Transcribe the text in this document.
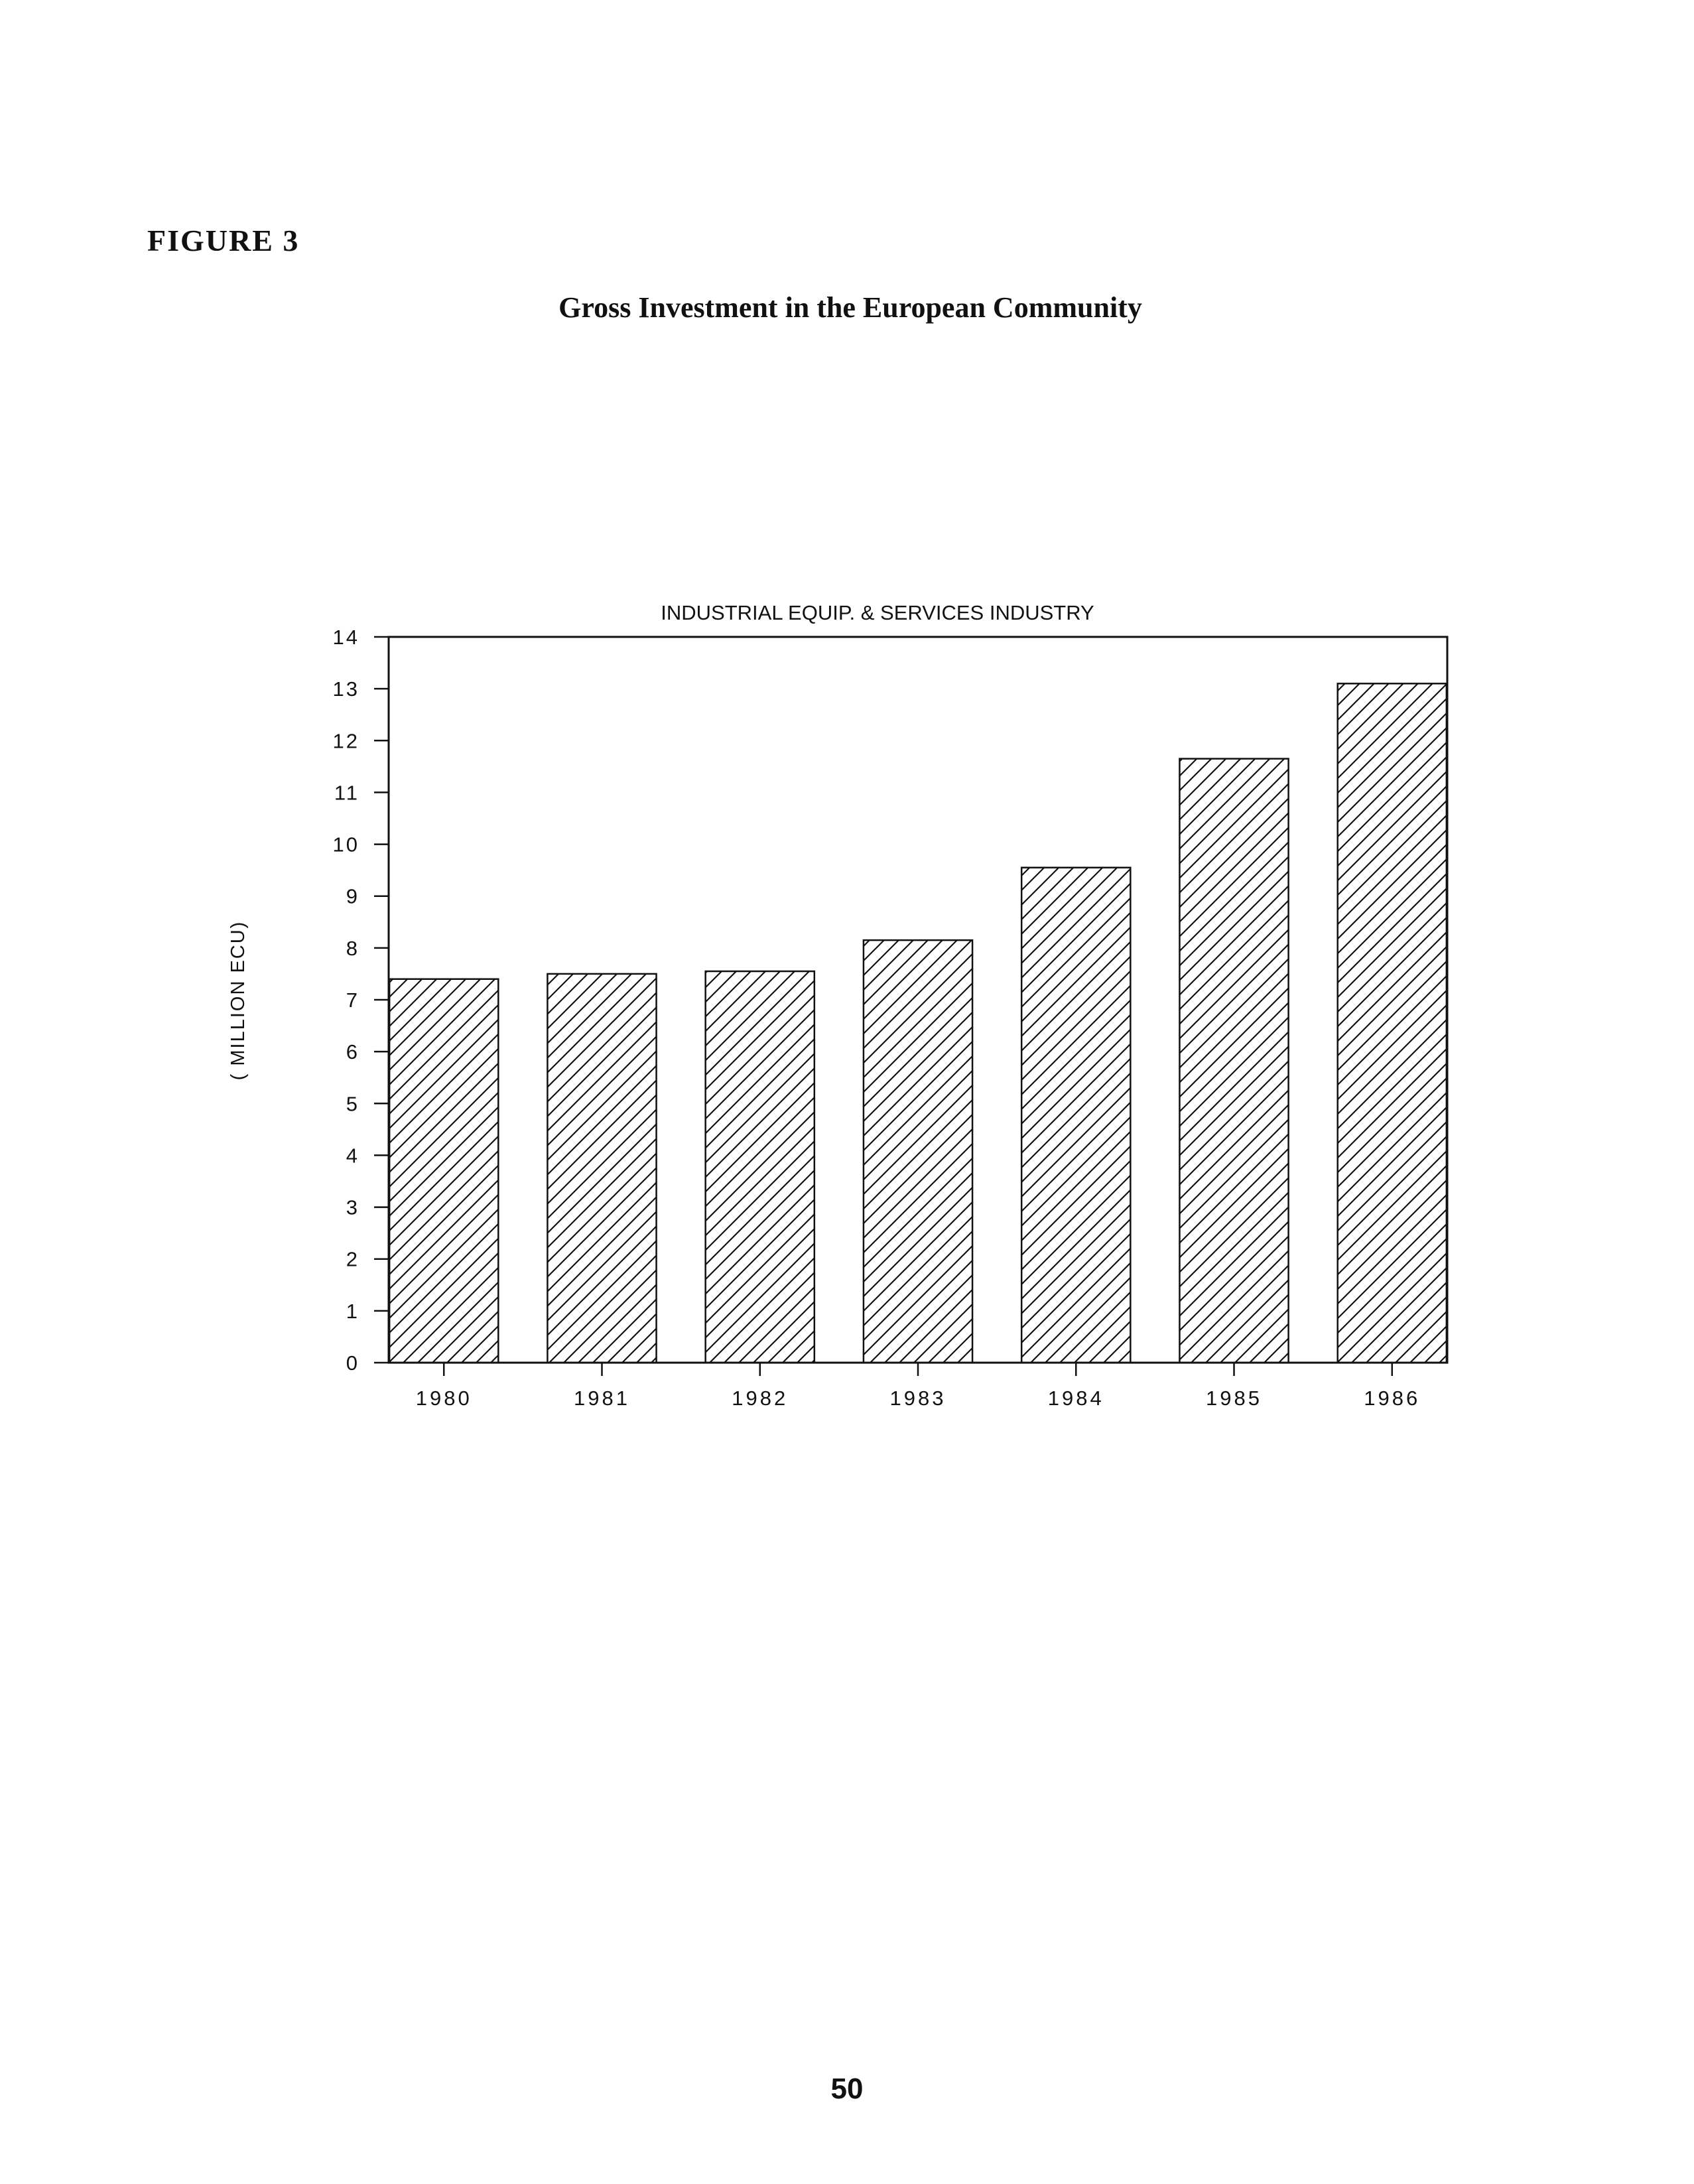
FIGURE 3
Gross Investment in the European Community
INDUSTRIAL EQUIP. & SERVICES INDUSTRY
( MILLION ECU)
0
1
2
3
4
5
6
7
8
9
10
11
12
13
14
1980	1981	1982	1983	1984	1985	1986
50
